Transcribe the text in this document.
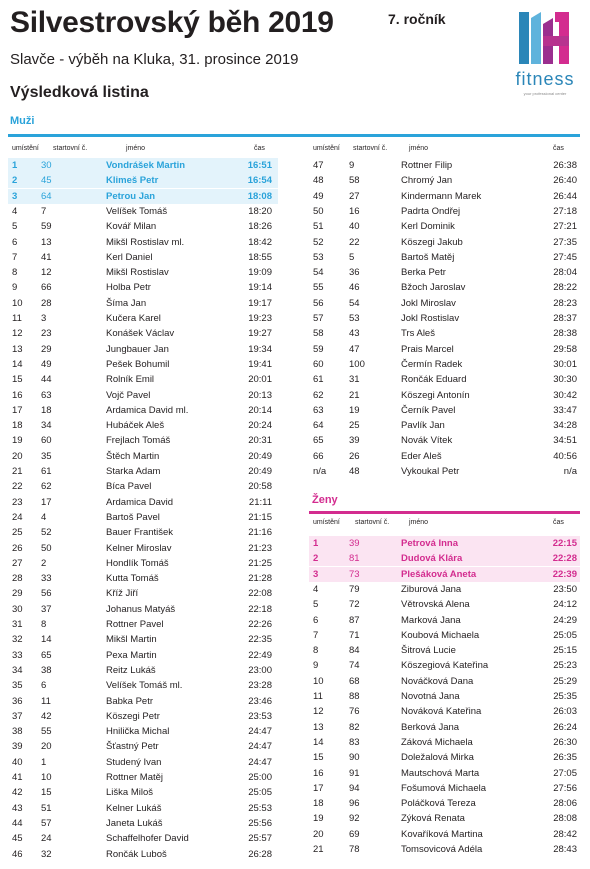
Silvestrovský běh 2019	7. ročník
Slavče - výběh na Kluka, 31. prosince 2019
Výsledková listina
fitness
your professional center
Muži
umístění startovní č.	jméno	čas	umístění startovní č.	jméno	čas
1 30	Vondrášek Martin	16:51
2 45	Klimeš Petr	16:54
3 64	Petrou Jan	18:08
4 7	Velíšek Tomáš	18:20
5 59	Kovář Milan	18:26
6 13	Mikšl Rostislav ml.	18:42
7 41	Kerl Daniel	18:55
8 12	Mikšl Rostislav	19:09
9 66	Holba Petr	19:14
10 28	Šíma Jan	19:17
11 3	Kučera Karel	19:23
12 23	Konášek Václav	19:27
13 29	Jungbauer Jan	19:34
14 49	Pešek Bohumil	19:41
15 44	Rolník Emil	20:01
16 63	Vojč Pavel	20:13
17 18	Ardamica David ml.	20:14
18 34	Hubáček Aleš	20:24
19 60	Frejlach Tomáš	20:31
20 35	Štěch Martin	20:49
21 61	Starka Adam	20:49
22 62	Bíca Pavel	20:58
23 17	Ardamica David	21:11
24 4	Bartoš Pavel	21:15
25 52	Bauer František	21:16
26 50	Kelner Miroslav	21:23
27 2	Hondlík Tomáš	21:25
28 33	Kutta Tomáš	21:28
29 56	Kříž Jiří	22:08
30 37	Johanus Matyáš	22:18
31 8	Rottner Pavel	22:26
32 14	Mikšl Martin	22:35
33 65	Pexa Martin	22:49
34 38	Reitz Lukáš	23:00
35 6	Velíšek Tomáš ml.	23:28
36 11	Babka Petr	23:46
37 42	Köszegi Petr	23:53
38 55	Hnilička Michal	24:47
39 20	Šťastný Petr	24:47
40 1	Studený Ivan	24:47
41 10	Rottner Matěj	25:00
42 15	Liška Miloš	25:05
43 51	Kelner Lukáš	25:53
44 57	Janeta Lukáš	25:56
45 24	Schaffelhofer David	25:57
46 32	Rončák Luboš	26:28
47	9	Rottner Filip	26:38
48	58	Chromý Jan	26:40
49	27	Kindermann Marek	26:44
50	16	Padrta Ondřej	27:18
51	40	Kerl Dominik	27:21
52	22	Köszegi Jakub	27:35
53	5	Bartoš Matěj	27:45
54	36	Berka Petr	28:04
55	46	Bžoch Jaroslav	28:22
56	54	Jokl Miroslav	28:23
57	53	Jokl Rostislav	28:37
58	43	Trs Aleš	28:38
59	47	Prais Marcel	29:58
60	100	Čermín Radek	30:01
61	31	Rončák Eduard	30:30
62	21	Köszegi Antonín	30:42
63	19	Černík Pavel	33:47
64	25	Pavlík Jan	34:28
65	39	Novák Vítek	34:51
66	26	Eder Aleš	40:56
n/a 48	Vykoukal Petr	n/a
Ženy
umístění startovní č.	jméno	čas
1	39	Petrová Inna	22:15
2	81	Dudová Klára	22:28
3	73	Plešáková Aneta	22:39
4	79	Ziburová Jana	23:50
5	72	Větrovská Alena	24:12
6	87	Marková Jana	24:29
7	71	Koubová Michaela	25:05
8	84	Šitrová Lucie	25:15
9	74	Köszegiová Kateřina	25:23
10	68	Nováčková Dana	25:29
11	88	Novotná Jana	25:35
12	76	Nováková Kateřina	26:03
13	82	Berková Jana	26:24
14	83	Záková Michaela	26:30
15	90	Doležalová Mirka	26:35
16	91	Mautschová Marta	27:05
17	94	Fošumová Michaela	27:56
18	96	Poláčková Tereza	28:06
19	92	Zýková Renata	28:08
20	69	Kovaříková Martina	28:42
21	78	Tomsovicová Adéla	28:43
